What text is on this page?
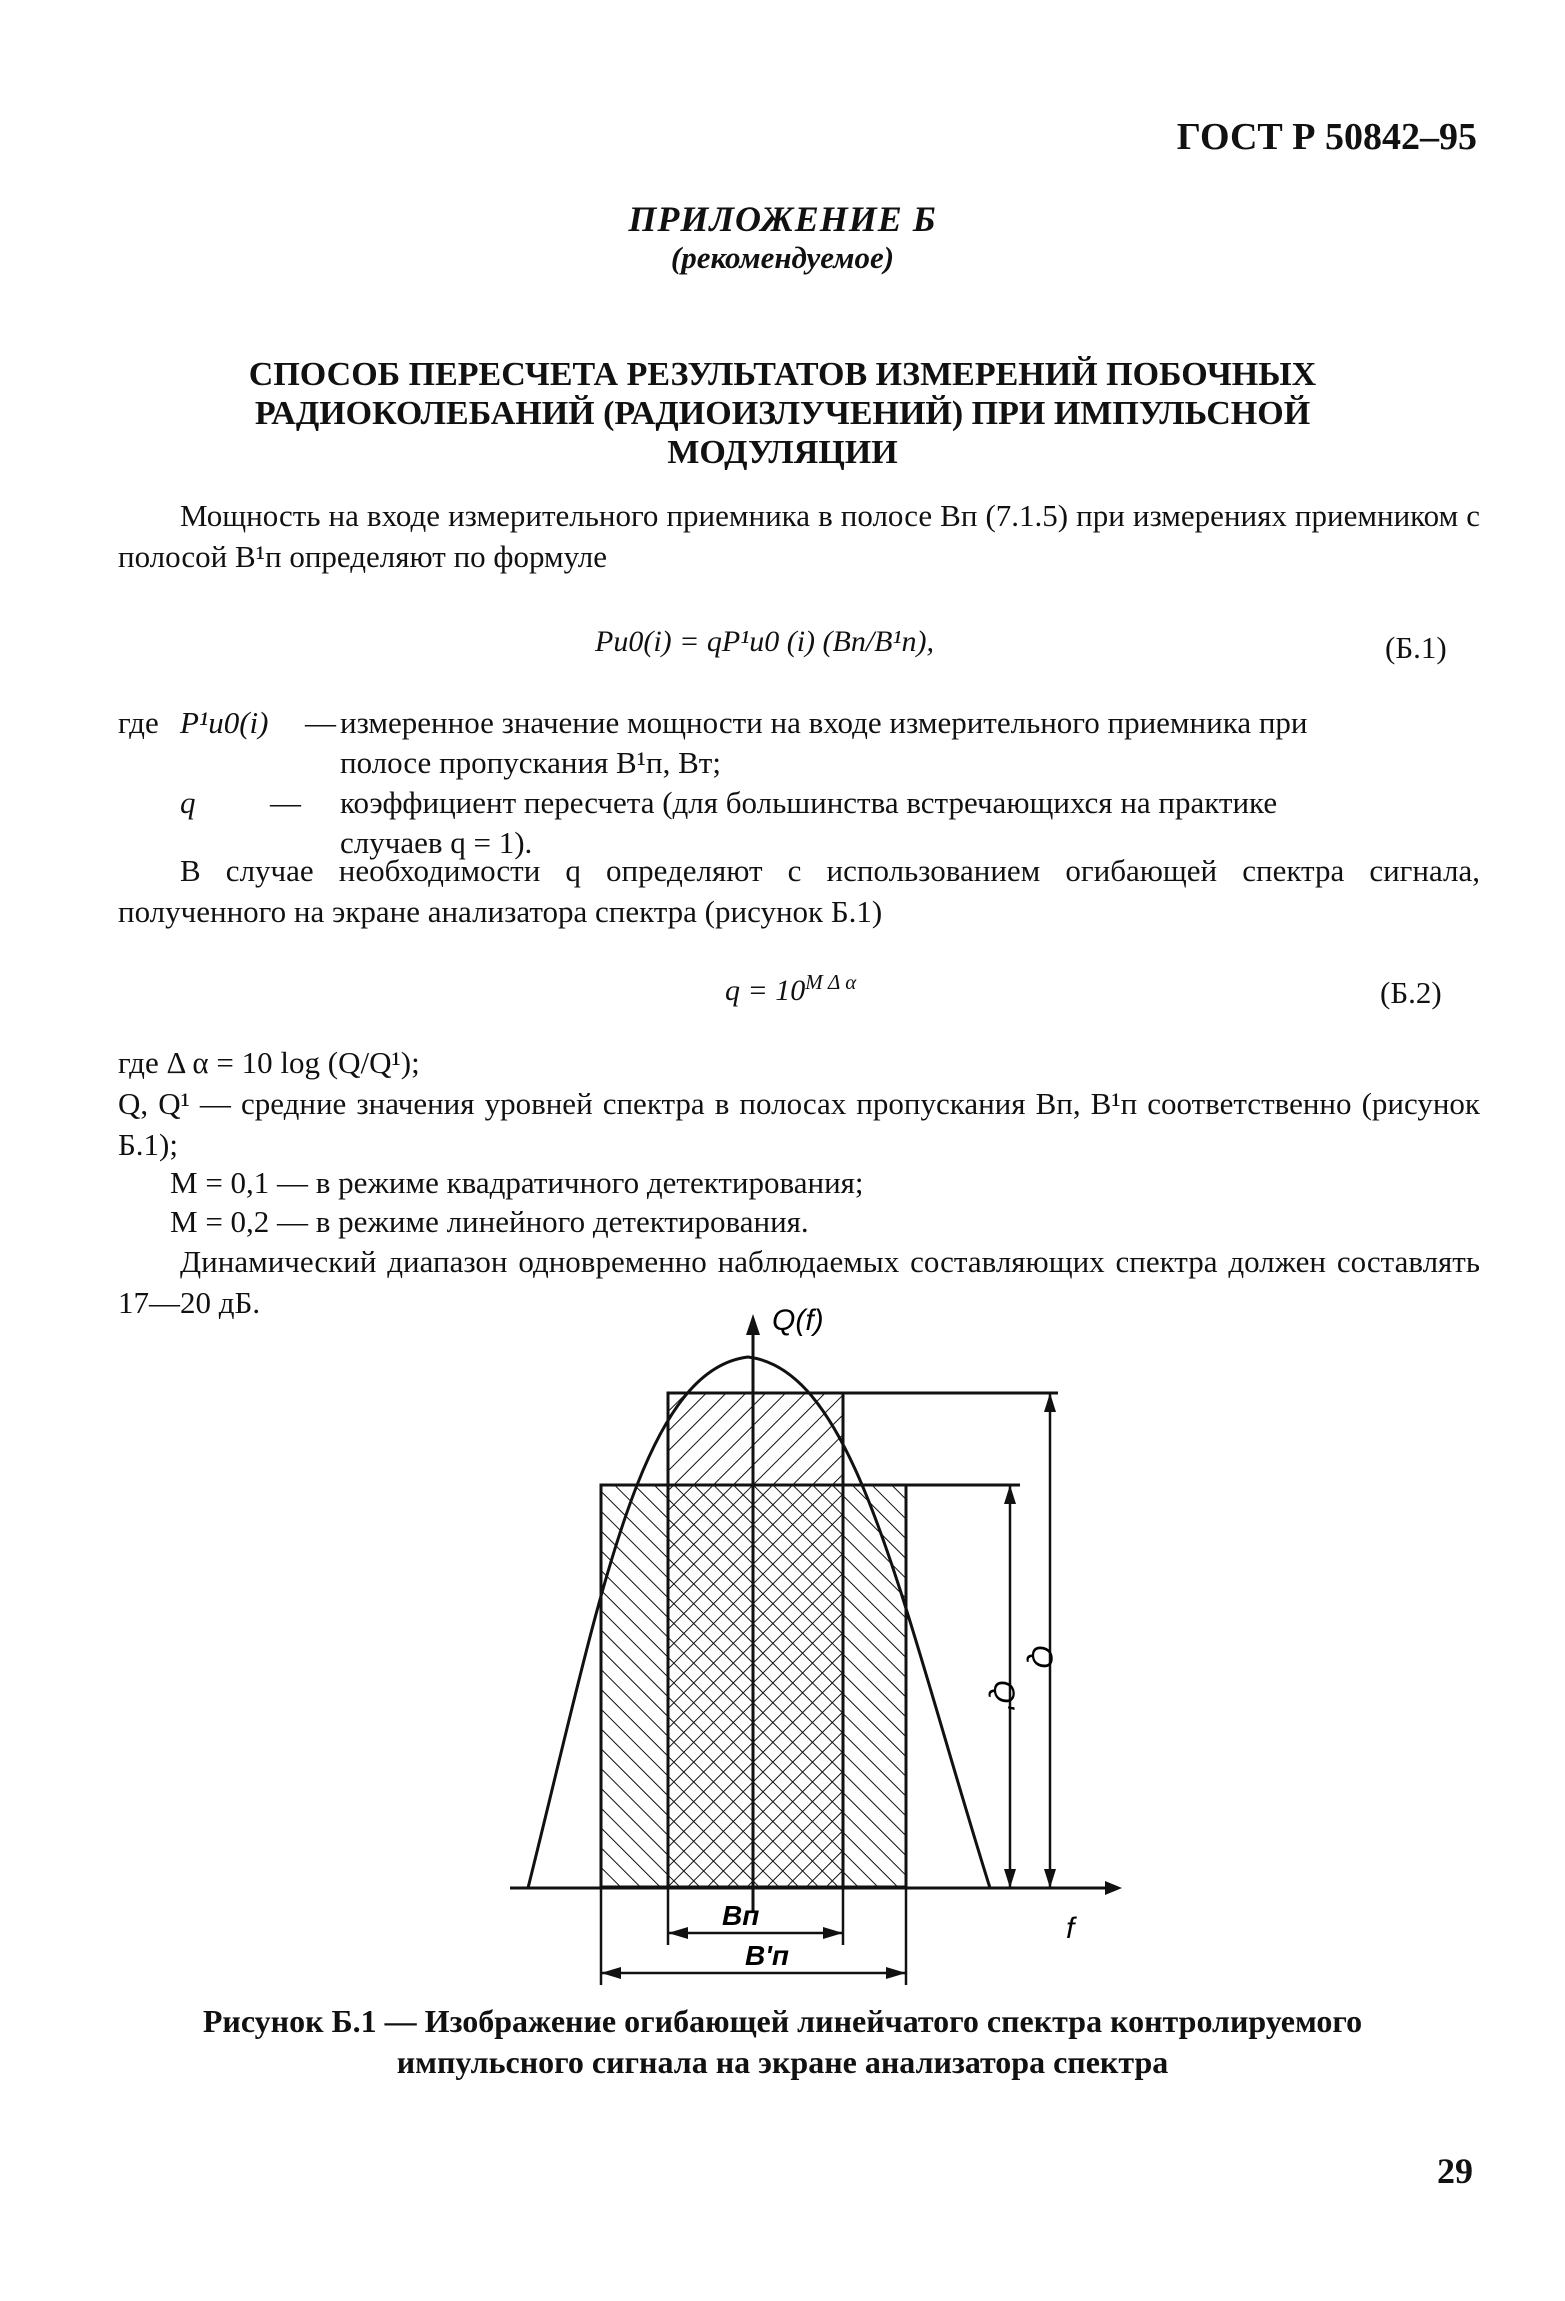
ГОСТ Р 50842–95
ПРИЛОЖЕНИЕ Б
(рекомендуемое)
СПОСОБ ПЕРЕСЧЕТА РЕЗУЛЬТАТОВ ИЗМЕРЕНИЙ ПОБОЧНЫХ
РАДИОКОЛЕБАНИЙ (РАДИОИЗЛУЧЕНИЙ) ПРИ ИМПУЛЬСНОЙ
МОДУЛЯЦИИ
Мощность на входе измерительного приемника в полосе Bп (7.1.5) при измерениях приемником с полосой B¹п определяют по формуле
Pи0(i) = qP¹и0 (i) (Bп/B¹п),	(Б.1)
где P¹и0(i) — измеренное значение мощности на входе измерительного приемника при
полосе пропускания B¹п, Вт;
q — коэффициент пересчета (для большинства встречающихся на практике
случаев q = 1).
В случае необходимости q определяют с использованием огибающей спектра сигнала, полученного на экране анализатора спектра (рисунок Б.1)
$q = 10^{M \Delta \alpha}$	(Б.2)
где Δ α = 10 log (Q/Q¹);
Q, Q¹ — средние значения уровней спектра в полосах пропускания Bп, B¹п соответственно (рисунок Б.1);
M = 0,1 — в режиме квадратичного детектирования;
M = 0,2 — в режиме линейного детектирования.
Динамический диапазон одновременно наблюдаемых составляющих спектра должен составлять 17—20 дБ.
Q(f)
f
Q
Q'
Bп
B'п
Рисунок Б.1 — Изображение огибающей линейчатого спектра контролируемого
импульсного сигнала на экране анализатора спектра
29
